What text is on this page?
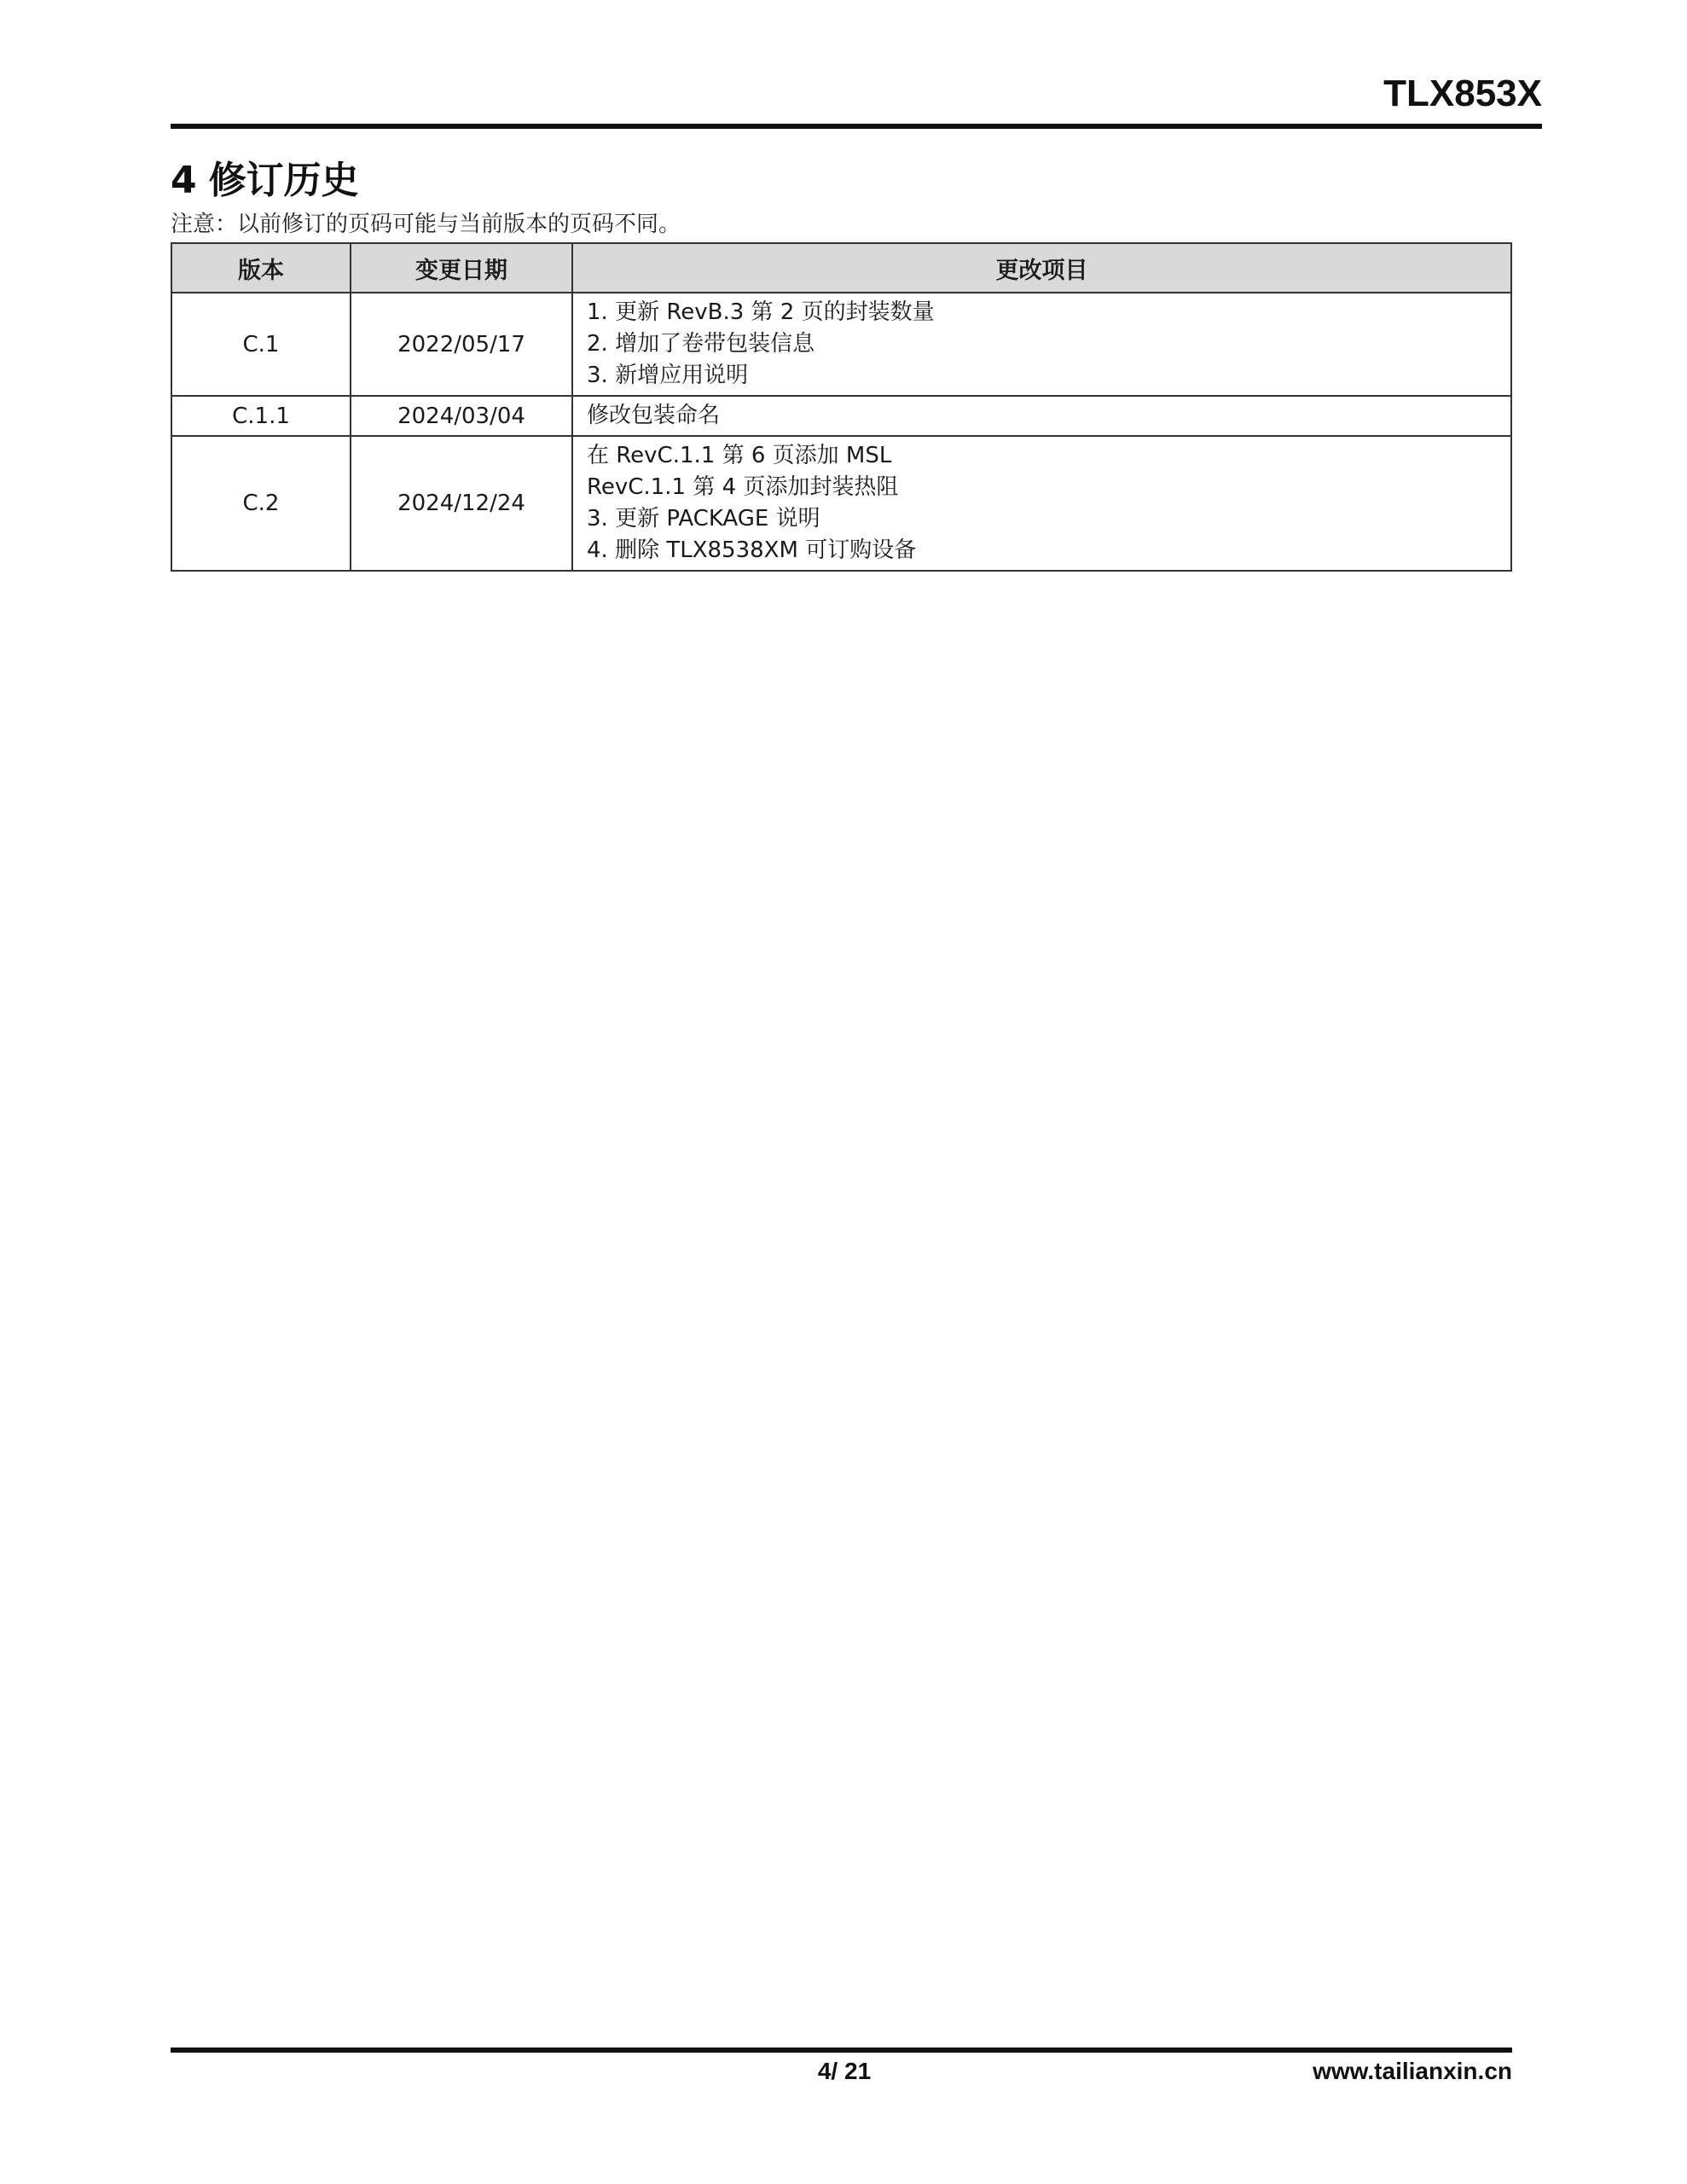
TLX853X
4 修订历史
注意：以前修订的页码可能与当前版本的页码不同。
版本	变更日期	更改项目
C.1	2022/05/17	1. 更新 RevB.3 第 2 页的封装数量
2. 增加了卷带包装信息
3. 新增应用说明

C.1.1	2024/03/04	修改包装命名

C.2	2024/12/24	在 RevC.1.1 第 6 页添加 MSL
RevC.1.1 第 4 页添加封装热阻
3. 更新 PACKAGE 说明
4. 删除 TLX8538XM 可订购设备
4/ 21	www.tailianxin.cn
